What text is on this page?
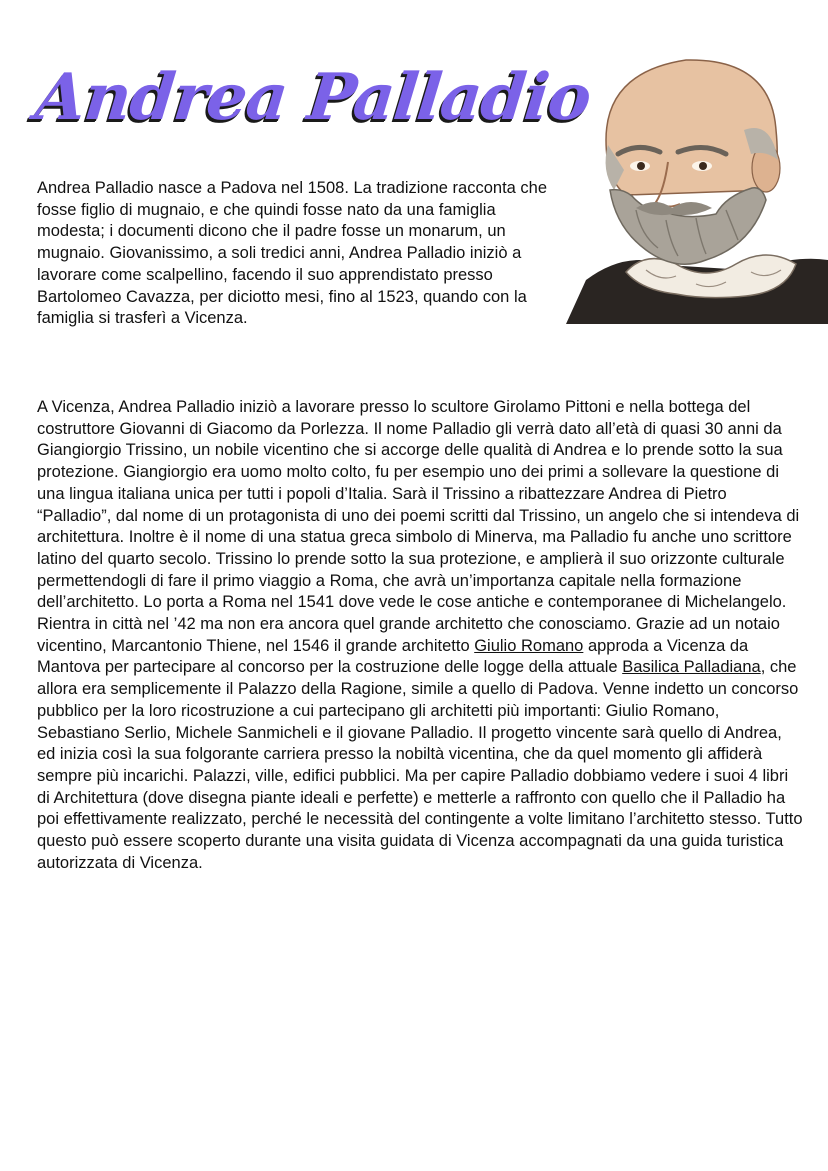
Andrea Palladio

Andrea Palladio nasce a Padova nel 1508. La tradizione racconta che fosse figlio di mugnaio, e che quindi fosse nato da una famiglia modesta; i documenti dicono che il padre fosse un monarum, un mugnaio. Giovanissimo, a soli tredici anni, Andrea Palladio iniziò a lavorare come scalpellino, facendo il suo apprendistato presso Bartolomeo Cavazza, per diciotto mesi, fino al 1523, quando con la famiglia si trasferì a Vicenza.

A Vicenza, Andrea Palladio iniziò a lavorare presso lo scultore Girolamo Pittoni e nella bottega del costruttore Giovanni di Giacomo da Porlezza. Il nome Palladio gli verrà dato all’età di quasi 30 anni da Giangiorgio Trissino, un nobile vicentino che si accorge delle qualità di Andrea e lo prende sotto la sua protezione. Giangiorgio era uomo molto colto, fu per esempio uno dei primi a sollevare la questione di una lingua italiana unica per tutti i popoli d’Italia. Sarà il Trissino a ribattezzare Andrea di Pietro “Palladio”, dal nome di un protagonista di uno dei poemi scritti dal Trissino, un angelo che si intendeva di architettura. Inoltre è il nome di una statua greca simbolo di Minerva, ma Palladio fu anche uno scrittore latino del quarto secolo. Trissino lo prende sotto la sua protezione, e amplierà il suo orizzonte culturale permettendogli di fare il primo viaggio a Roma, che avrà un’importanza capitale nella formazione dell’architetto. Lo porta a Roma nel 1541 dove vede le cose antiche e contemporanee di Michelangelo. Rientra in città nel ’42 ma non era ancora quel grande architetto che conosciamo. Grazie ad un notaio vicentino, Marcantonio Thiene, nel 1546 il grande architetto Giulio Romano approda a Vicenza da Mantova per partecipare al concorso per la costruzione delle logge della attuale Basilica Palladiana, che allora era semplicemente il Palazzo della Ragione, simile a quello di Padova. Venne indetto un concorso pubblico per la loro ricostruzione a cui partecipano gli architetti più importanti: Giulio Romano, Sebastiano Serlio, Michele Sanmicheli e il giovane Palladio. Il progetto vincente sarà quello di Andrea, ed inizia così la sua folgorante carriera presso la nobiltà vicentina, che da quel momento gli affiderà sempre più incarichi. Palazzi, ville, edifici pubblici. Ma per capire Palladio dobbiamo vedere i suoi 4 libri di Architettura (dove disegna piante ideali e perfette) e metterle a raffronto con quello che il Palladio ha poi effettivamente realizzato, perché le necessità del contingente a volte limitano l’architetto stesso. Tutto questo può essere scoperto durante una visita guidata di Vicenza accompagnati da una guida turistica autorizzata di Vicenza.
